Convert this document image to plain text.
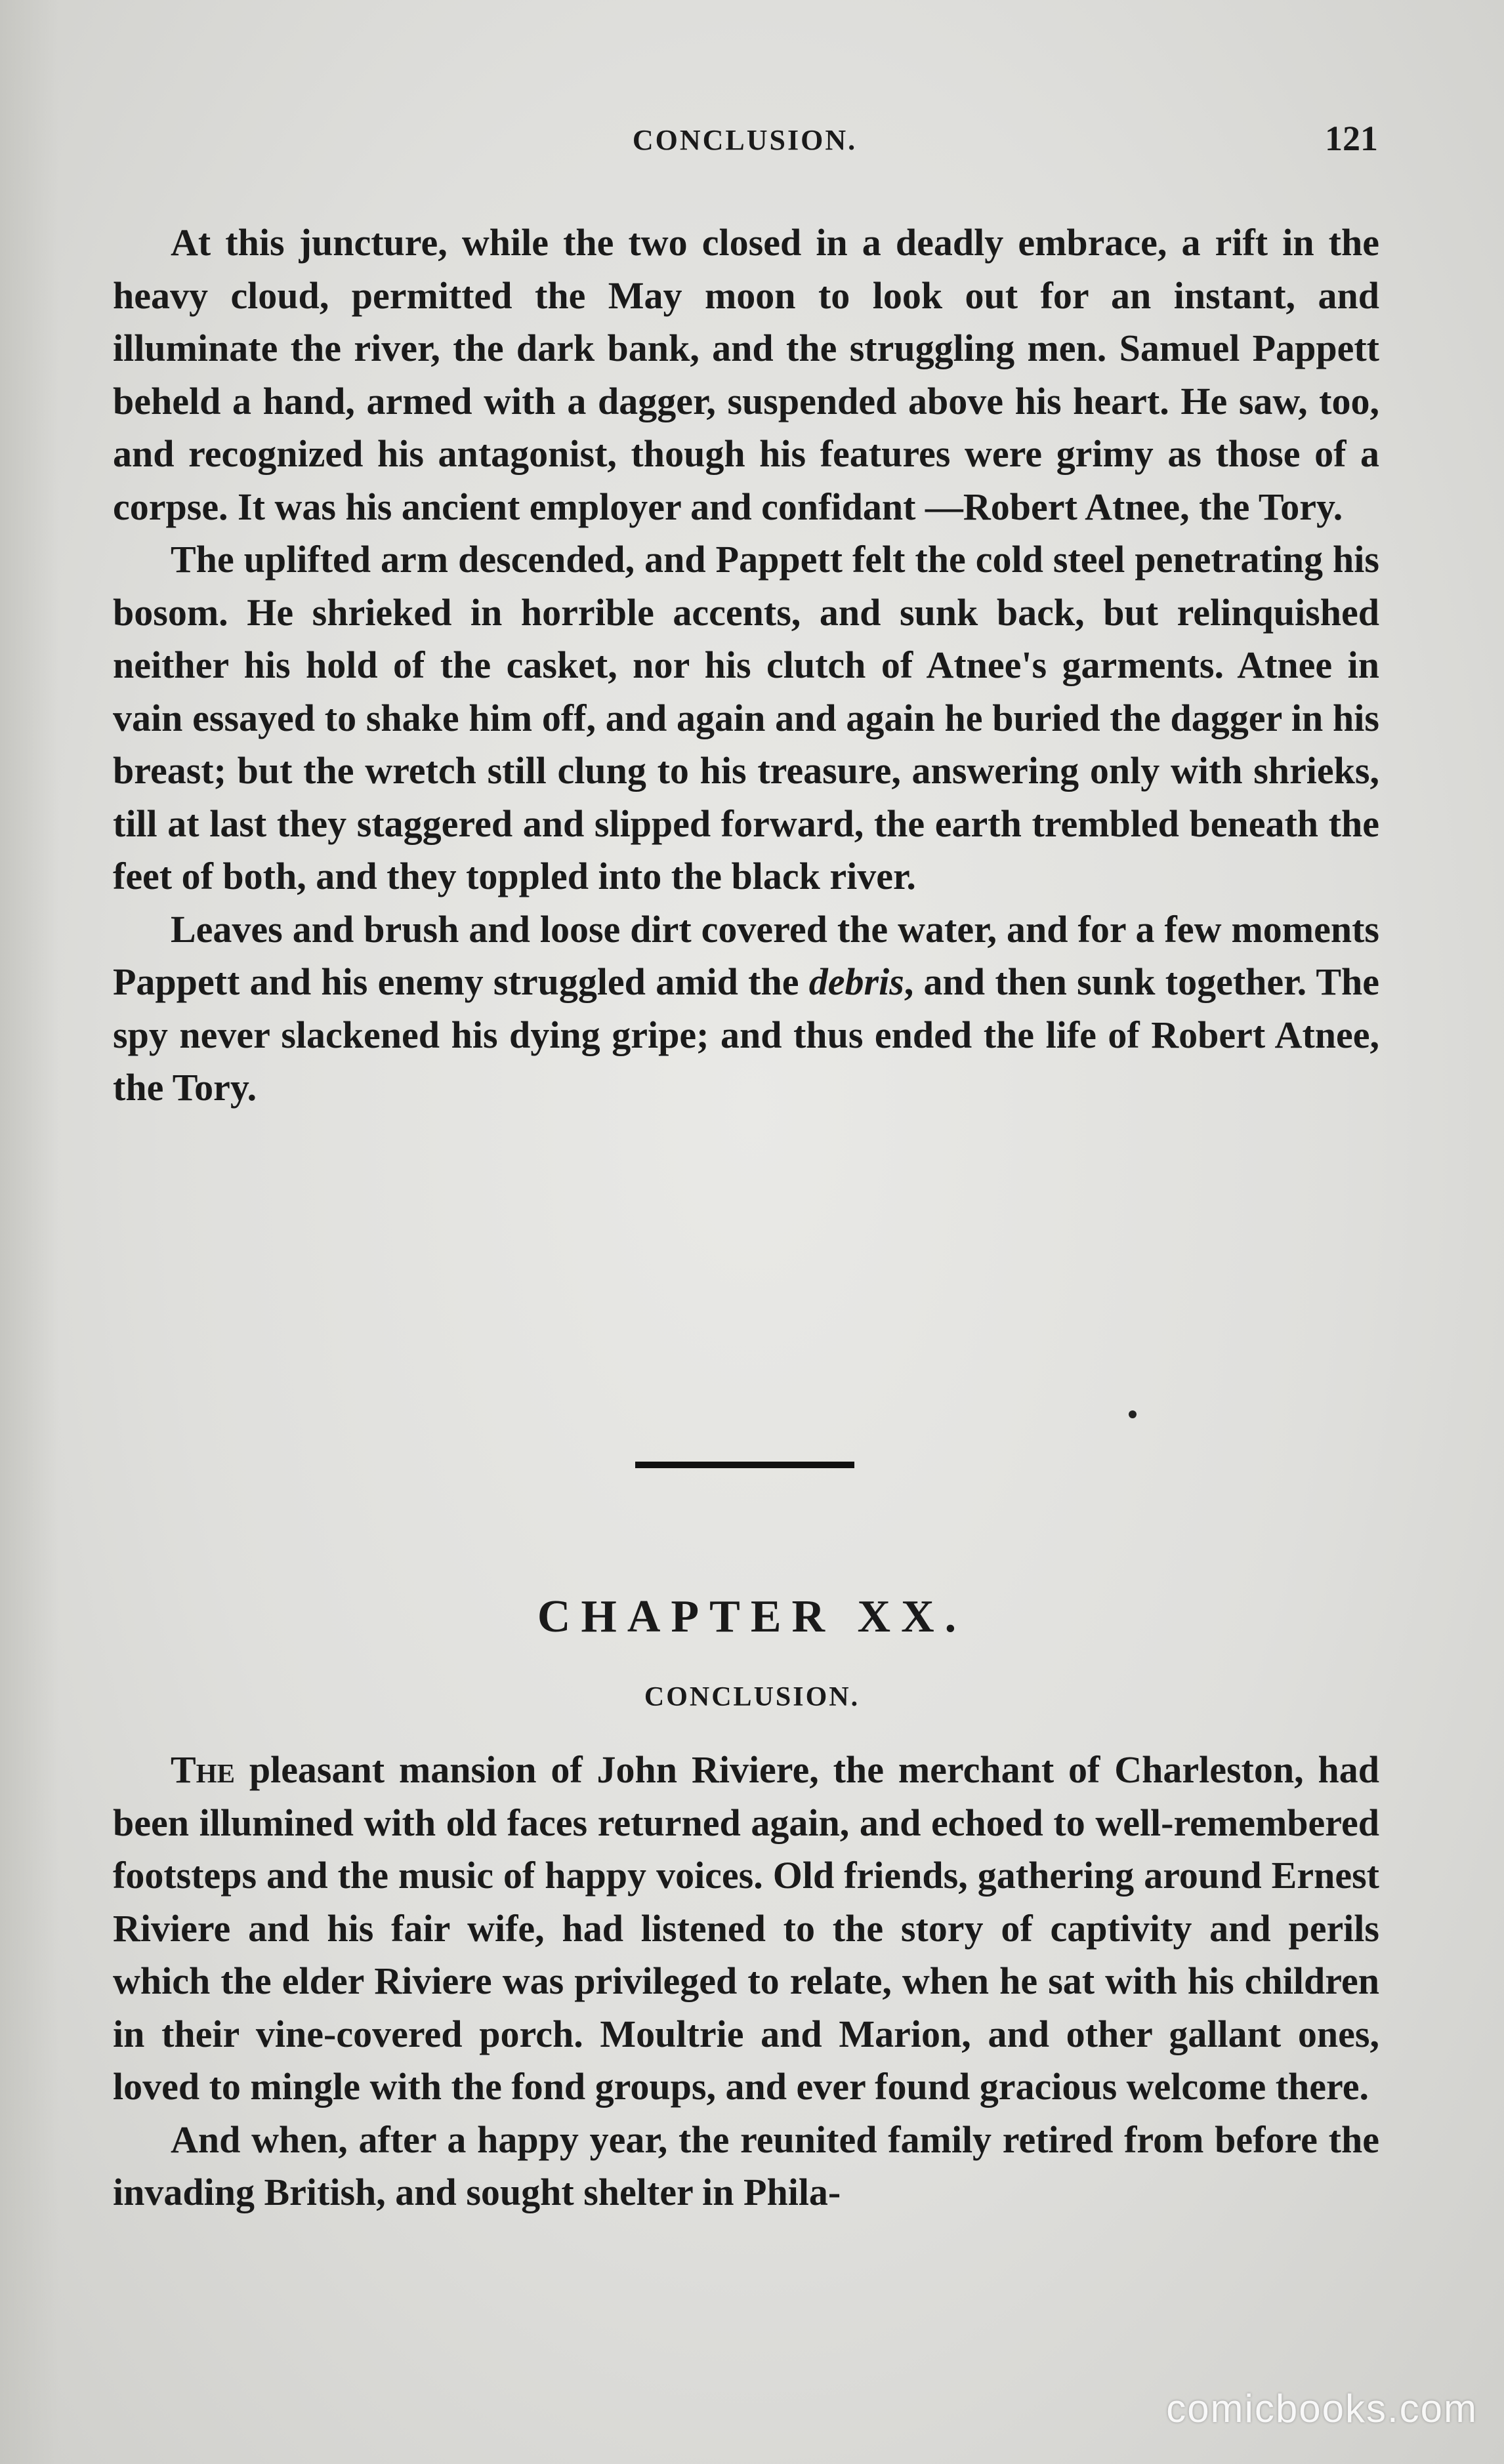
CONCLUSION.	121

At this juncture, while the two closed in a deadly embrace, a rift in the heavy cloud, permitted the May moon to look out for an instant, and illuminate the river, the dark bank, and the struggling men. Samuel Pappett beheld a hand, armed with a dagger, suspended above his heart. He saw, too, and recognized his antagonist, though his features were grimy as those of a corpse. It was his ancient employer and confidant —Robert Atnee, the Tory.

The uplifted arm descended, and Pappett felt the cold steel penetrating his bosom. He shrieked in horrible accents, and sunk back, but relinquished neither his hold of the casket, nor his clutch of Atnee's garments. Atnee in vain essayed to shake him off, and again and again he buried the dagger in his breast; but the wretch still clung to his treasure, answering only with shrieks, till at last they staggered and slipped forward, the earth trembled beneath the feet of both, and they toppled into the black river.

Leaves and brush and loose dirt covered the water, and for a few moments Pappett and his enemy struggled amid the debris, and then sunk together. The spy never slackened his dying gripe; and thus ended the life of Robert Atnee, the Tory.

CHAPTER XX.
CONCLUSION.

The pleasant mansion of John Riviere, the merchant of Charleston, had been illumined with old faces returned again, and echoed to well-remembered footsteps and the music of happy voices. Old friends, gathering around Ernest Riviere and his fair wife, had listened to the story of captivity and perils which the elder Riviere was privileged to relate, when he sat with his children in their vine-covered porch. Moultrie and Marion, and other gallant ones, loved to mingle with the fond groups, and ever found gracious welcome there.

And when, after a happy year, the reunited family retired from before the invading British, and sought shelter in Phila-

comicbooks.com
